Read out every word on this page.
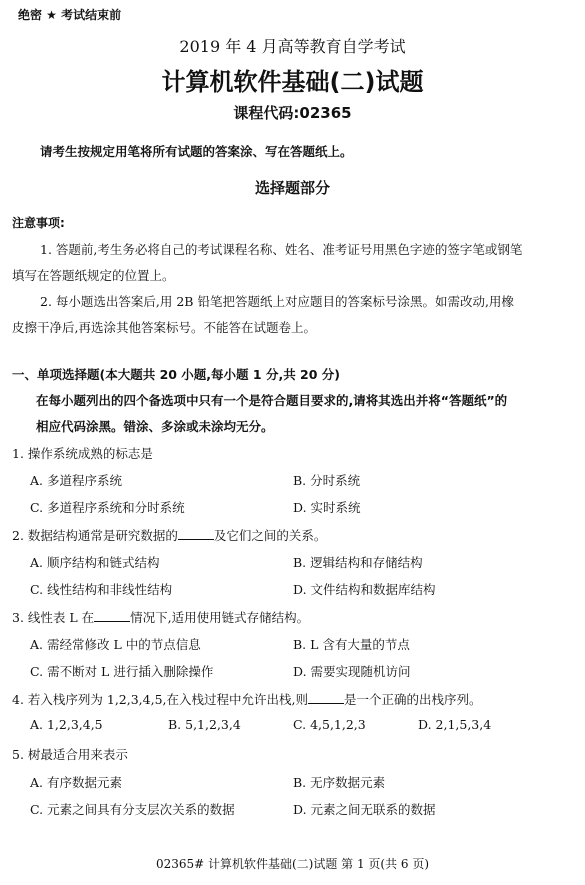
绝密 ★ 考试结束前
2019 年 4 月高等教育自学考试
计算机软件基础(二)试题
课程代码:02365
请考生按规定用笔将所有试题的答案涂、写在答题纸上。
选择题部分
注意事项:
1. 答题前,考生务必将自己的考试课程名称、姓名、准考证号用黑色字迹的签字笔或钢笔
填写在答题纸规定的位置上。
2. 每小题选出答案后,用 2B 铅笔把答题纸上对应题目的答案标号涂黑。如需改动,用橡
皮擦干净后,再选涂其他答案标号。不能答在试题卷上。
一、单项选择题(本大题共 20 小题,每小题 1 分,共 20 分)
在每小题列出的四个备选项中只有一个是符合题目要求的,请将其选出并将“答题纸”的
相应代码涂黑。错涂、多涂或未涂均无分。
1. 操作系统成熟的标志是
A. 多道程序系统	B. 分时系统
C. 多道程序系统和分时系统	D. 实时系统
2. 数据结构通常是研究数据的	及它们之间的关系。
A. 顺序结构和链式结构	B. 逻辑结构和存储结构
C. 线性结构和非线性结构	D. 文件结构和数据库结构
3. 线性表 L 在	情况下,适用使用链式存储结构。
A. 需经常修改 L 中的节点信息	B. L 含有大量的节点
C. 需不断对 L 进行插入删除操作	D. 需要实现随机访问
4. 若入栈序列为 1,2,3,4,5,在入栈过程中允许出栈,则	是一个正确的出栈序列。
A. 1,2,3,4,5	B. 5,1,2,3,4	C. 4,5,1,2,3	D. 2,1,5,3,4
5. 树最适合用来表示
A. 有序数据元素	B. 无序数据元素
C. 元素之间具有分支层次关系的数据	D. 元素之间无联系的数据
02365# 计算机软件基础(二)试题 第 1 页(共 6 页)
